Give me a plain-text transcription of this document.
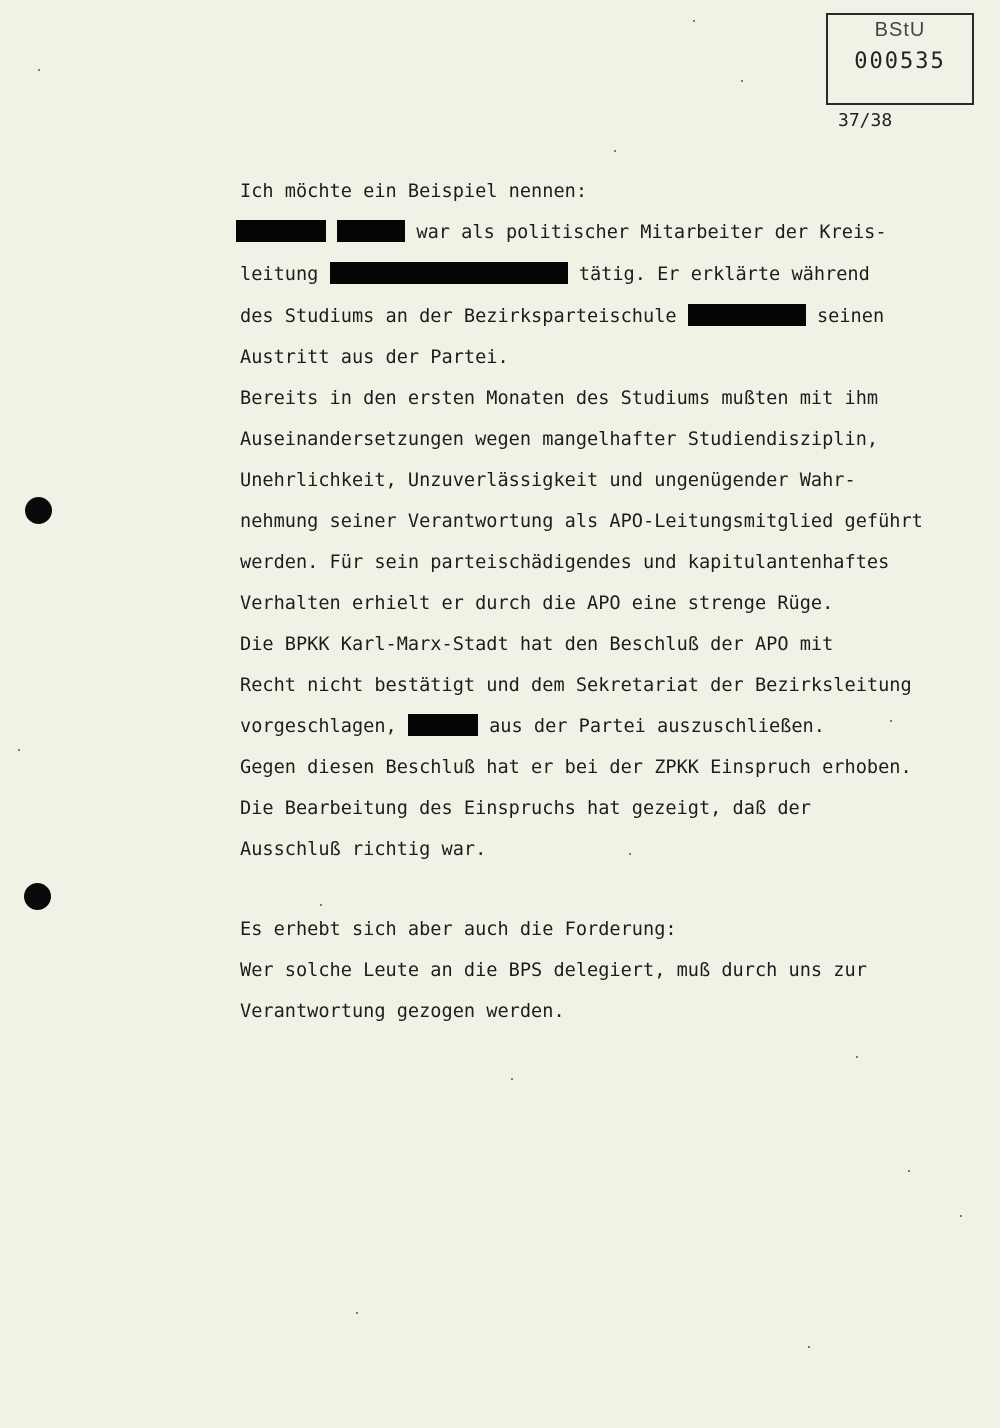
BStU
000535
37/38
Ich möchte ein Beispiel nennen:
war als politischer Mitarbeiter der Kreis-
leitung	tätig. Er erklärte während
des Studiums an der Bezirksparteischule	seinen
Austritt aus der Partei.
Bereits in den ersten Monaten des Studiums mußten mit ihm
Auseinandersetzungen wegen mangelhafter Studiendisziplin,
Unehrlichkeit, Unzuverlässigkeit und ungenügender Wahr-
nehmung seiner Verantwortung als APO-Leitungsmitglied geführt
werden. Für sein parteischädigendes und kapitulantenhaftes
Verhalten erhielt er durch die APO eine strenge Rüge.
Die BPKK Karl-Marx-Stadt hat den Beschluß der APO mit
Recht nicht bestätigt und dem Sekretariat der Bezirksleitung
vorgeschlagen,	aus der Partei auszuschließen.
Gegen diesen Beschluß hat er bei der ZPKK Einspruch erhoben.
Die Bearbeitung des Einspruchs hat gezeigt, daß der
Ausschluß richtig war.
Es erhebt sich aber auch die Forderung:
Wer solche Leute an die BPS delegiert, muß durch uns zur
Verantwortung gezogen werden.
